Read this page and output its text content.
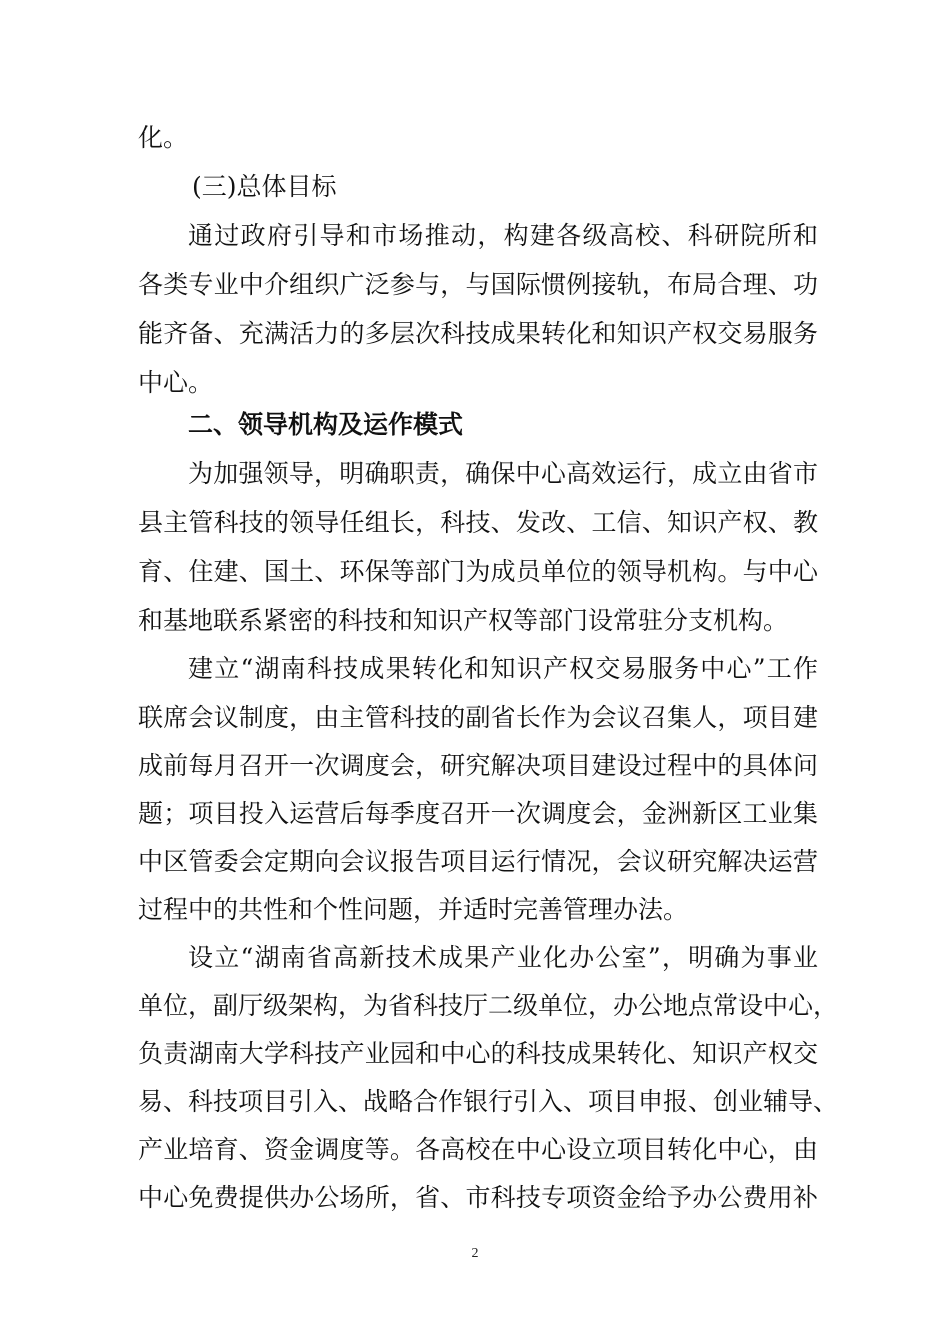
化。
(三)总体目标
通过政府引导和市场推动，构建各级高校、科研院所和
各类专业中介组织广泛参与，与国际惯例接轨，布局合理、功
能齐备、充满活力的多层次科技成果转化和知识产权交易服务
中心。
二、领导机构及运作模式
为加强领导，明确职责，确保中心高效运行，成立由省市
县主管科技的领导任组长，科技、发改、工信、知识产权、教
育、住建、国土、环保等部门为成员单位的领导机构。与中心
和基地联系紧密的科技和知识产权等部门设常驻分支机构。
建立“湖南科技成果转化和知识产权交易服务中心”工作
联席会议制度，由主管科技的副省长作为会议召集人，项目建
成前每月召开一次调度会，研究解决项目建设过程中的具体问
题；项目投入运营后每季度召开一次调度会，金洲新区工业集
中区管委会定期向会议报告项目运行情况，会议研究解决运营
过程中的共性和个性问题，并适时完善管理办法。
设立“湖南省高新技术成果产业化办公室”，明确为事业
单位，副厅级架构，为省科技厅二级单位，办公地点常设中心，
负责湖南大学科技产业园和中心的科技成果转化、知识产权交
易、科技项目引入、战略合作银行引入、项目申报、创业辅导、
产业培育、资金调度等。各高校在中心设立项目转化中心，由
中心免费提供办公场所，省、市科技专项资金给予办公费用补
2
